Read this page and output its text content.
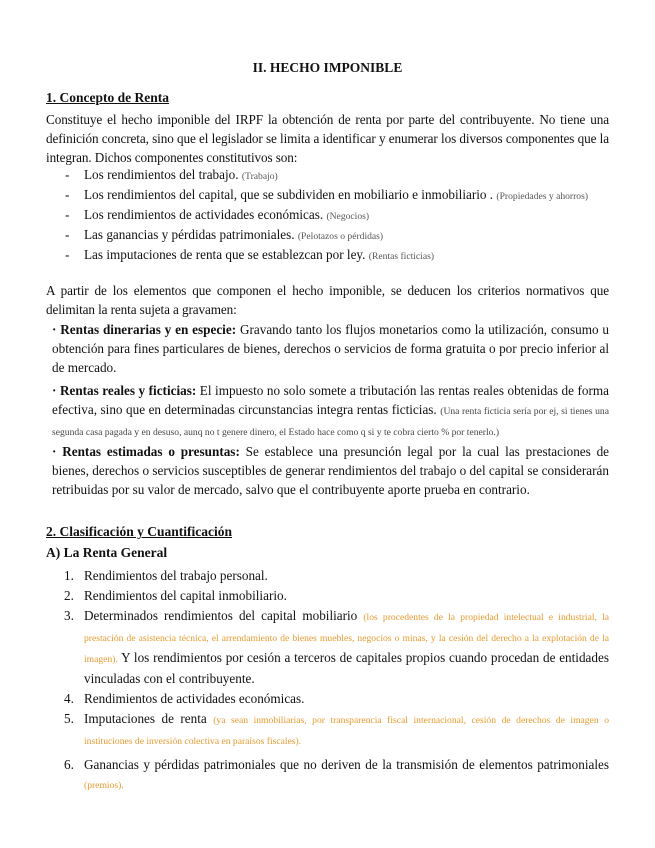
II. HECHO IMPONIBLE
1. Concepto de Renta
Constituye el hecho imponible del IRPF la obtención de renta por parte del contribuyente. No tiene una definición concreta, sino que el legislador se limita a identificar y enumerar los diversos componentes que la integran. Dichos componentes constitutivos son:
- Los rendimientos del trabajo. (Trabajo)
- Los rendimientos del capital, que se subdividen en mobiliario e inmobiliario . (Propiedades y ahorros)
- Los rendimientos de actividades económicas. (Negocios)
- Las ganancias y pérdidas patrimoniales. (Pelotazos o pérdidas)
- Las imputaciones de renta que se establezcan por ley. (Rentas ficticias)
A partir de los elementos que componen el hecho imponible, se deducen los criterios normativos que delimitan la renta sujeta a gravamen:
· Rentas dinerarias y en especie: Gravando tanto los flujos monetarios como la utilización, consumo u obtención para fines particulares de bienes, derechos o servicios de forma gratuita o por precio inferior al de mercado.
· Rentas reales y ficticias: El impuesto no solo somete a tributación las rentas reales obtenidas de forma efectiva, sino que en determinadas circunstancias integra rentas ficticias. (Una renta ficticia sería por ej, si tienes una segunda casa pagada y en desuso, aunq no t genere dinero, el Estado hace como q si y te cobra cierto % por tenerlo.)
· Rentas estimadas o presuntas: Se establece una presunción legal por la cual las prestaciones de bienes, derechos o servicios susceptibles de generar rendimientos del trabajo o del capital se considerarán retribuidas por su valor de mercado, salvo que el contribuyente aporte prueba en contrario.
2. Clasificación y Cuantificación
A) La Renta General
1. Rendimientos del trabajo personal.
2. Rendimientos del capital inmobiliario.
3. Determinados rendimientos del capital mobiliario (los procedentes de la propiedad intelectual e industrial, la prestación de asistencia técnica, el arrendamiento de bienes muebles, negocios o minas, y la cesión del derecho a la explotación de la imagen). Y los rendimientos por cesión a terceros de capitales propios cuando procedan de entidades vinculadas con el contribuyente.
4. Rendimientos de actividades económicas.
5. Imputaciones de renta (ya sean inmobiliarias, por transparencia fiscal internacional, cesión de derechos de imagen o instituciones de inversión colectiva en paraísos fiscales).
6. Ganancias y pérdidas patrimoniales que no deriven de la transmisión de elementos patrimoniales (premios).
